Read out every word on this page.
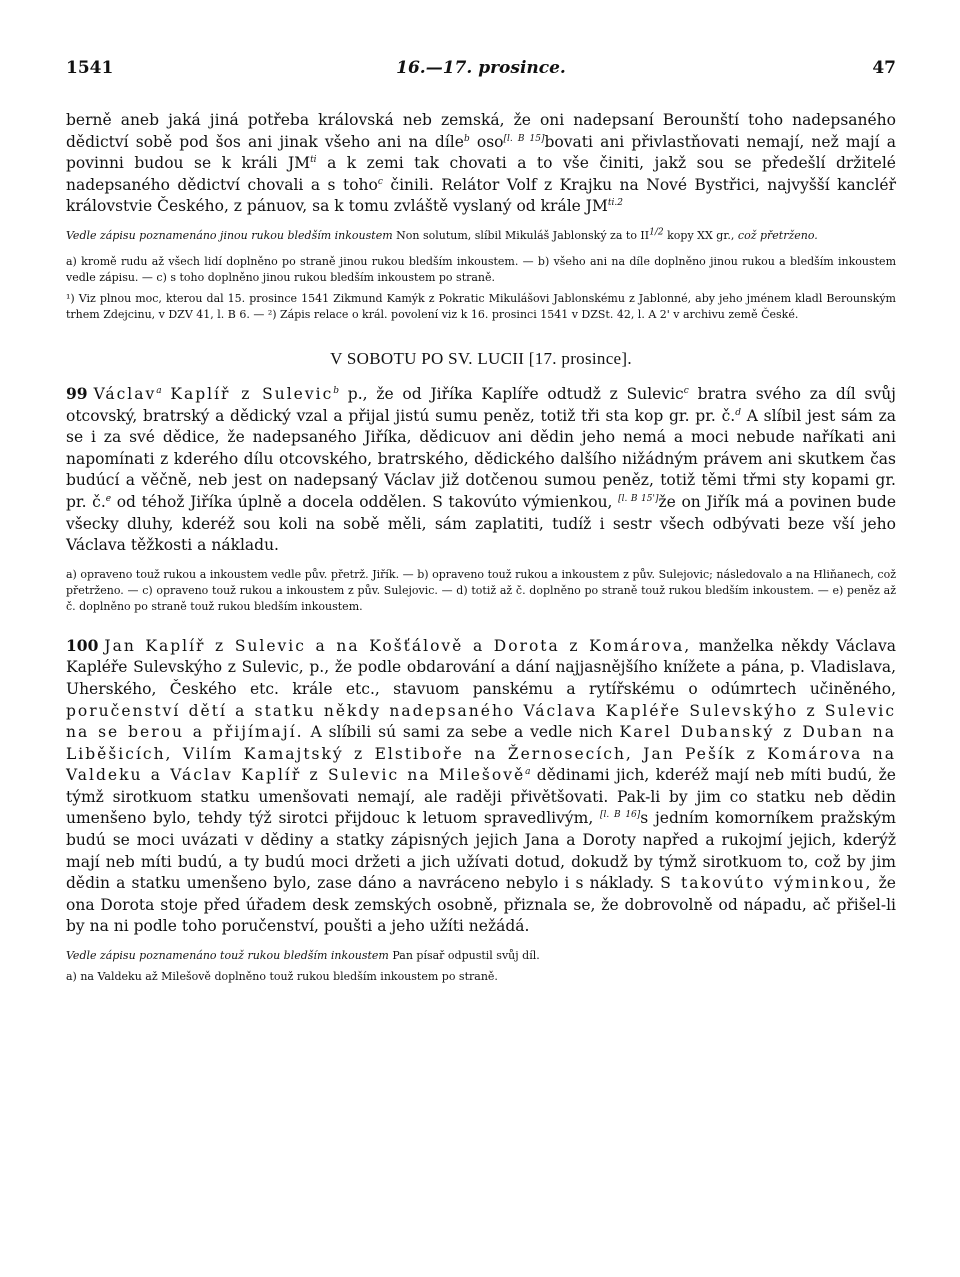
1541	16.—17. prosince.	47

berně aneb jaká jiná potřeba královská neb zemská, že oni nadepsaní Berounští toho nadepsaného dědictví sobě pod šos ani jinak všeho ani na díle$^b$ oso[l. B 15]bovati ani přivlastňovati nemají, než mají a povinni budou se k králi $JM^{ti}$ a k zemi tak chovati a to vše činiti, jakž sou se předešlí držitelé nadepsaného dědictví chovali a s toho$^c$ činili. Relátor Volf z Krajku na Nové Bystřici, najvyšší kancléř královstvie Českého, z pánuov, sa k tomu zvláště vyslaný od krále $JM^{ti.2}$

Vedle zápisu poznamenáno jinou rukou bledším inkoustem Non solutum, slíbil Mikuláš Jablonský za to $II^{1/2}$ kopy XX gr., což přetrženo.

a) kromě rudu až všech lidí doplněno po straně jinou rukou bledším inkoustem. — b) všeho ani na díle doplněno jinou rukou a bledším inkoustem vedle zápisu. — c) s toho doplněno jinou rukou bledším inkoustem po straně.

¹) Viz plnou moc, kterou dal 15. prosince 1541 Zikmund Kamýk z Pokratic Mikulášovi Jablonskému z Jablonné, aby jeho jménem kladl Berounským trhem Zdejcinu, v DZV 41, l. B 6. — ²) Zápis relace o král. povolení viz k 16. prosinci 1541 v DZSt. 42, l. A 2' v archivu země České.

V SOBOTU PO SV. LUCII [17. prosince].

99 Václav$^a$ Kaplíř z Sulevic$^b$ p., že od Jiříka Kaplíře odtudž z Sulevic$^c$ bratra svého za díl svůj otcovský, bratrský a dědický vzal a přijal jistú sumu peněz, totiž tři sta kop gr. pr. č.$^d$ A slíbil jest sám za se i za své dědice, že nadepsaného Jiříka, dědicuov ani dědin jeho nemá a moci nebude naříkati ani napomínati z kderého dílu otcovského, bratrského, dědického dalšího nižádným právem ani skutkem čas budúcí a věčně, neb jest on nadepsaný Václav již dotčenou sumou peněz, totiž těmi třmi sty kopami gr. pr. č.$^e$ od téhož Jiříka úplně a docela oddělen. S takovúto výmienkou, [l. B 15']že on Jiřík má a povinen bude všecky dluhy, kderéž sou koli na sobě měli, sám zaplatiti, tudíž i sestr všech odbývati beze vší jeho Václava těžkosti a nákladu.

a) opraveno touž rukou a inkoustem vedle pův. přetrž. Jiřík. — b) opraveno touž rukou a inkoustem z pův. Sulejovic; následovalo a na Hliňanech, což přetrženo. — c) opraveno touž rukou a inkoustem z pův. Sulejovic. — d) totiž až č. doplněno po straně touž rukou bledším inkoustem. — e) peněz až č. doplněno po straně touž rukou bledším inkoustem.

100 Jan Kaplíř z Sulevic a na Košťálově a Dorota z Komárova, manželka někdy Václava Kapléře Sulevskýho z Sulevic, p., že podle obdarování a dání najjasnějšího knížete a pána, p. Vladislava, Uherského, Českého etc. krále etc., stavuom panskému a rytířskému o odúmrtech učiněného, poručenství dětí a statku někdy nadepsaného Václava Kapléře Sulevskýho z Sulevic na se berou a přijímají. A slíbili sú sami za sebe a vedle nich Karel Dubanský z Duban na Liběšicích, Vilím Kamajtský z Elstiboře na Žernosecích, Jan Pešík z Komárova na Valdeku a Václav Kaplíř z Sulevic na Milešově$^a$ dědinami jich, kderéž mají neb míti budú, že týmž sirotkuom statku umenšovati nemají, ale raději přivětšovati. Pak-li by jim co statku neb dědin umenšeno bylo, tehdy týž sirotci přijdouc k letuom spravedlivým, [l. B 16]s jedním komorníkem pražským budú se moci uvázati v dědiny a statky zápisných jejich Jana a Doroty napřed a rukojmí jejich, kderýž mají neb míti budú, a ty budú moci držeti a jich užívati dotud, dokudž by týmž sirotkuom to, což by jim dědin a statku umenšeno bylo, zase dáno a navráceno nebylo i s náklady. S takovúto výminkou, že ona Dorota stoje před úřadem desk zemských osobně, přiznala se, že dobrovolně od nápadu, ač přišel-li by na ni podle toho poručenství, poušti a jeho užíti nežádá.

Vedle zápisu poznamenáno touž rukou bledším inkoustem Pan písař odpustil svůj díl.

a) na Valdeku až Milešově doplněno touž rukou bledším inkoustem po straně.
